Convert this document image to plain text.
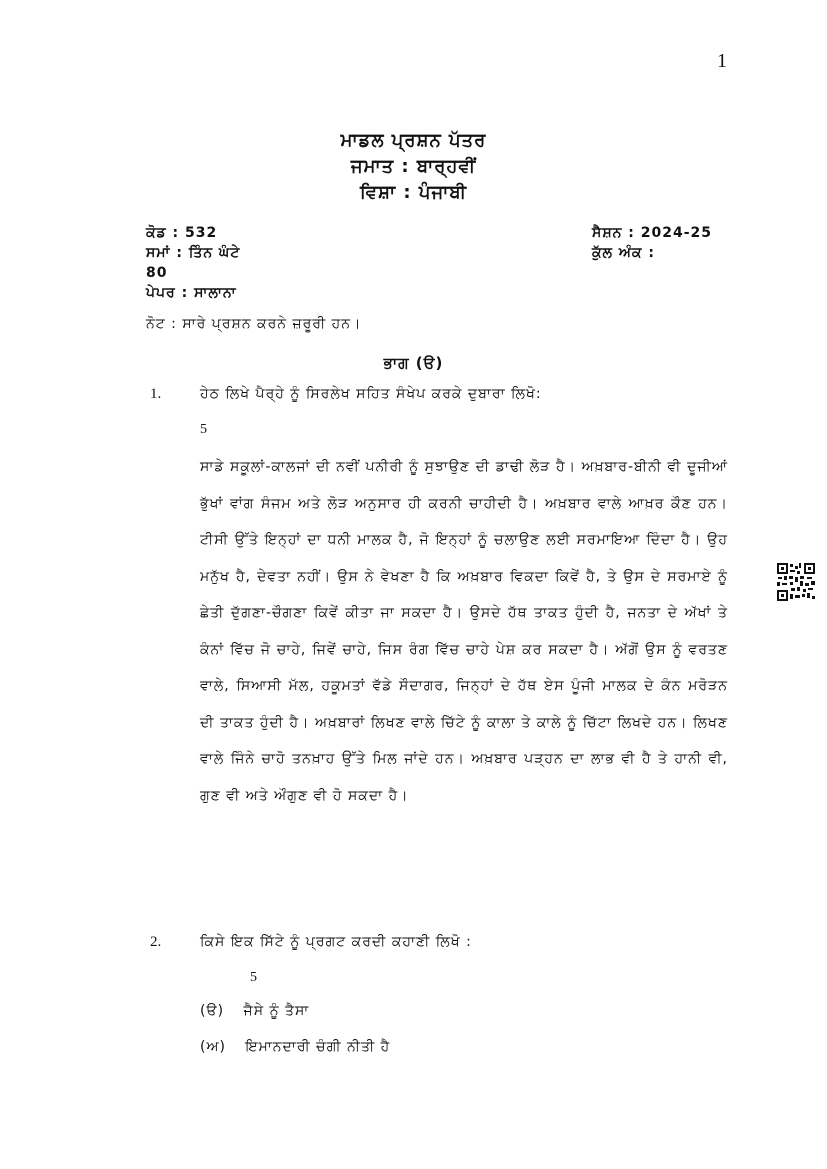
1
ਮਾਡਲ ਪ੍ਰਸ਼ਨ ਪੱਤਰ
ਜਮਾਤ : ਬਾਰ੍ਹਵੀਂ
ਵਿਸ਼ਾ : ਪੰਜਾਬੀ
ਕੋਡ : 532	ਸੈਸ਼ਨ : 2024-25
ਸਮਾਂ : ਤਿੰਨ ਘੰਟੇ	ਕੁੱਲ ਅੰਕ :
80
ਪੇਪਰ : ਸਾਲਾਨਾ
ਨੋਟ : ਸਾਰੇ ਪ੍ਰਸ਼ਨ ਕਰਨੇ ਜ਼ਰੂਰੀ ਹਨ।
ਭਾਗ (ੳ)
1.	ਹੇਠ ਲਿਖੇ ਪੈਰ੍ਹੇ ਨੂੰ ਸਿਰਲੇਖ ਸਹਿਤ ਸੰਖੇਪ ਕਰਕੇ ਦੁਬਾਰਾ ਲਿਖੋ:
5

ਸਾਡੇ ਸਕੂਲਾਂ-ਕਾਲਜਾਂ ਦੀ ਨਵੀਂ ਪਨੀਰੀ ਨੂੰ ਸੁਝਾਉਣ ਦੀ ਡਾਢੀ ਲੋੜ ਹੈ। ਅਖ਼ਬਾਰ-ਬੀਨੀ ਵੀ ਦੂਜੀਆਂ ਭੁੱਖਾਂ ਵਾਂਗ ਸੰਜਮ ਅਤੇ ਲੋੜ ਅਨੁਸਾਰ ਹੀ ਕਰਨੀ ਚਾਹੀਦੀ ਹੈ। ਅਖ਼ਬਾਰ ਵਾਲੇ ਆਖ਼ਰ ਕੌਣ ਹਨ। ਟੀਸੀ ਉੱਤੇ ਇਨ੍ਹਾਂ ਦਾ ਧਨੀ ਮਾਲਕ ਹੈ, ਜੋ ਇਨ੍ਹਾਂ ਨੂੰ ਚਲਾਉਣ ਲਈ ਸਰਮਾਇਆ ਦਿੰਦਾ ਹੈ। ਉਹ ਮਨੁੱਖ ਹੈ, ਦੇਵਤਾ ਨਹੀਂ। ਉਸ ਨੇ ਵੇਖਣਾ ਹੈ ਕਿ ਅਖ਼ਬਾਰ ਵਿਕਦਾ ਕਿਵੇਂ ਹੈ, ਤੇ ਉਸ ਦੇ ਸਰਮਾਏ ਨੂੰ ਛੇਤੀ ਦੁੱਗਣਾ-ਚੌਗਣਾ ਕਿਵੇਂ ਕੀਤਾ ਜਾ ਸਕਦਾ ਹੈ। ਉਸਦੇ ਹੱਥ ਤਾਕਤ ਹੁੰਦੀ ਹੈ, ਜਨਤਾ ਦੇ ਅੱਖਾਂ ਤੇ ਕੰਨਾਂ ਵਿੱਚ ਜੋ ਚਾਹੇ, ਜਿਵੇਂ ਚਾਹੇ, ਜਿਸ ਰੰਗ ਵਿੱਚ ਚਾਹੇ ਪੇਸ਼ ਕਰ ਸਕਦਾ ਹੈ। ਅੱਗੋਂ ਉਸ ਨੂੰ ਵਰਤਣ ਵਾਲੇ, ਸਿਆਸੀ ਮੱਲ, ਹਕੂਮਤਾਂ ਵੱਡੇ ਸੌਦਾਗਰ, ਜਿਨ੍ਹਾਂ ਦੇ ਹੱਥ ਏਸ ਪੂੰਜੀ ਮਾਲਕ ਦੇ ਕੰਨ ਮਰੋੜਨ ਦੀ ਤਾਕਤ ਹੁੰਦੀ ਹੈ। ਅਖ਼ਬਾਰਾਂ ਲਿਖਣ ਵਾਲੇ ਚਿੱਟੇ ਨੂੰ ਕਾਲਾ ਤੇ ਕਾਲੇ ਨੂੰ ਚਿੱਟਾ ਲਿਖਦੇ ਹਨ। ਲਿਖਣ ਵਾਲੇ ਜਿੰਨੇ ਚਾਹੋ ਤਨਖ਼ਾਹ ਉੱਤੇ ਮਿਲ ਜਾਂਦੇ ਹਨ। ਅਖ਼ਬਾਰ ਪੜ੍ਹਨ ਦਾ ਲਾਭ ਵੀ ਹੈ ਤੇ ਹਾਨੀ ਵੀ, ਗੁਣ ਵੀ ਅਤੇ ਔਗੁਣ ਵੀ ਹੋ ਸਕਦਾ ਹੈ।

2.	ਕਿਸੇ ਇਕ ਸਿੱਟੇ ਨੂੰ ਪ੍ਰਗਟ ਕਰਦੀ ਕਹਾਣੀ ਲਿਖੋ :
5
(ੳ) ਜੈਸੇ ਨੂੰ ਤੈਸਾ
(ਅ) ਇਮਾਨਦਾਰੀ ਚੰਗੀ ਨੀਤੀ ਹੈ
